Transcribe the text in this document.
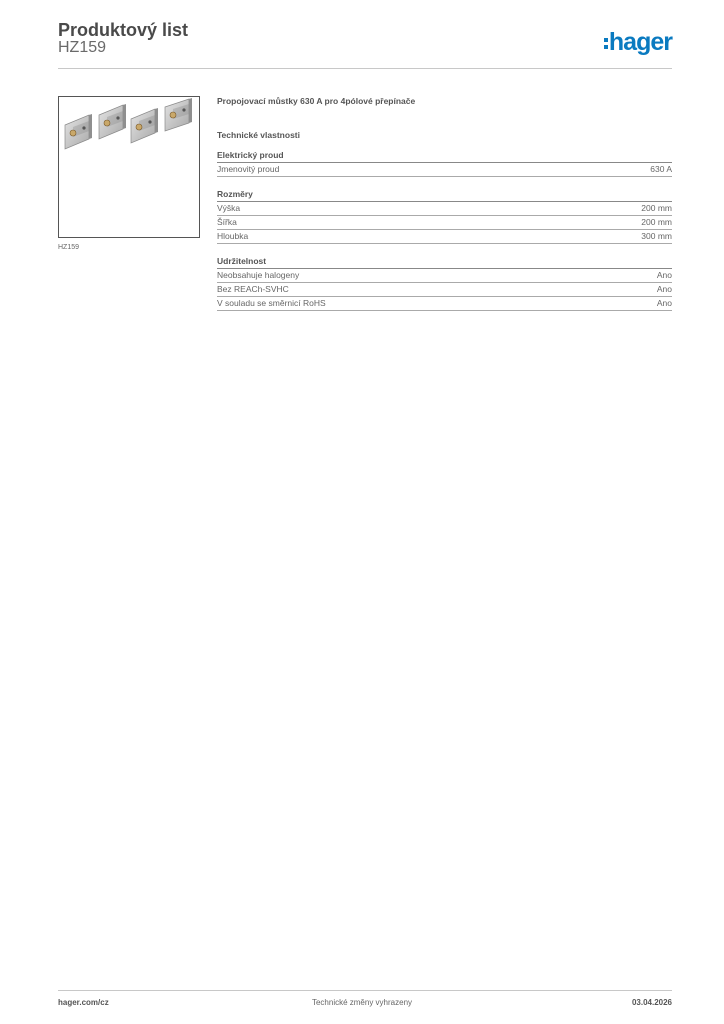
Produktový list
HZ159	hager
HZ159
Propojovací můstky 630 A pro 4pólové přepínače
Technické vlastnosti
Elektrický proud
Jmenovitý proud	630 A
Rozměry
Výška	200 mm
Šířka	200 mm
Hloubka	300 mm
Udržitelnost
Neobsahuje halogeny	Ano
Bez REACh-SVHC	Ano
V souladu se směrnicí RoHS	Ano
hager.com/cz	Technické změny vyhrazeny	03.04.2026
